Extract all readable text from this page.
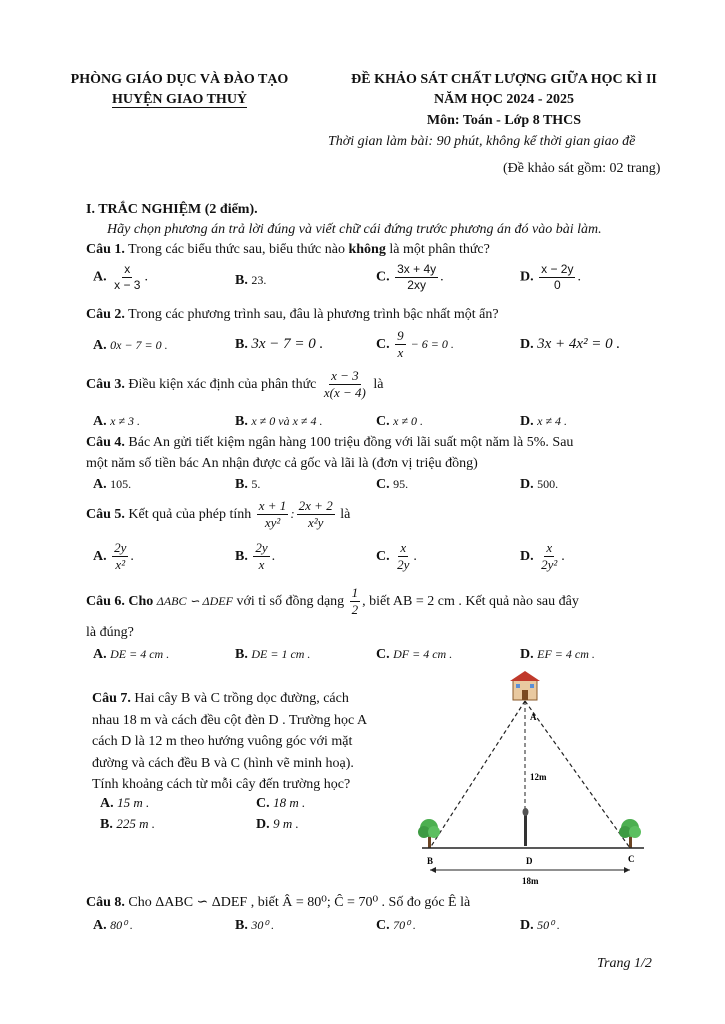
PHÒNG GIÁO DỤC VÀ ĐÀO TẠO
HUYỆN GIAO THUỶ
ĐỀ KHẢO SÁT CHẤT LƯỢNG GIỮA HỌC KÌ II
NĂM HỌC 2024 - 2025
Môn: Toán - Lớp 8 THCS
Thời gian làm bài: 90 phút, không kể thời gian giao đề
(Đề khảo sát gồm: 02 trang)
I. TRẮC NGHIỆM (2 điểm).
Hãy chọn phương án trả lời đúng và viết chữ cái đứng trước phương án đó vào bài làm.
Câu 1. Trong các biểu thức sau, biểu thức nào không là một phân thức?
A. $\frac{x}{x - 3}$ .	B. 23.	C. $\frac{3x + 4y}{2xy}$ .	D. $\frac{x - 2y}{0}$ .
Câu 2. Trong các phương trình sau, đâu là phương trình bậc nhất một ẩn?
A. 0x − 7 = 0 .	B. 3x − 7 = 0 .	C. $\frac{9}{x} - 6 = 0$ .	D. 3x + 4x² = 0 .
Câu 3. Điều kiện xác định của phân thức $\frac{x - 3}{x(x - 4)}$ là
A. x ≠ 3 .	B. x ≠ 0 và x ≠ 4 .	C. x ≠ 0 .	D. x ≠ 4 .
Câu 4. Bác An gửi tiết kiệm ngân hàng 100 triệu đồng với lãi suất một năm là 5%. Sau
một năm số tiền bác An nhận được cả gốc và lãi là (đơn vị triệu đồng)
A. 105.	B. 5.	C. 95.	D. 500.
Câu 5. Kết quả của phép tính $\frac{x + 1}{\text{xy²}}$ : $\frac{2x + 2}{\text{x²y}}$ là
A. $\frac{2y}{\text{x²}}$ .	B. $\frac{2y}{x}$ .	C. $\frac{x}{2y}$ .	D. $\frac{x}{\text{2y²}}$ .
Câu 6. Cho ΔABC ∽ ΔDEF với tỉ số đồng dạng $\frac{1}{2}$ , biết AB = 2 cm . Kết quả nào sau đây
là đúng?
A. DE = 4 cm .	B. DE = 1 cm .	C. DF = 4 cm .	D. EF = 4 cm .
Câu 7. Hai cây B và C trồng dọc đường, cách
nhau 18 m và cách đều cột đèn D . Trường học A
cách D là 12 m theo hướng vuông góc với mặt
đường và cách đều B và C (hình vẽ minh hoạ).
Tính khoảng cách từ mỗi cây đến trường học?
A. 15 m .	C. 18 m .
B. 225 m .	D. 9 m .
A
12m
B	D	C
18m
Câu 8. Cho ΔABC ∽ ΔDEF , biết Â = 80⁰; Ĉ = 70⁰ . Số đo góc Ê là
A. 80⁰ .	B. 30⁰ .	C. 70⁰ .	D. 50⁰ .
Trang 1/2
